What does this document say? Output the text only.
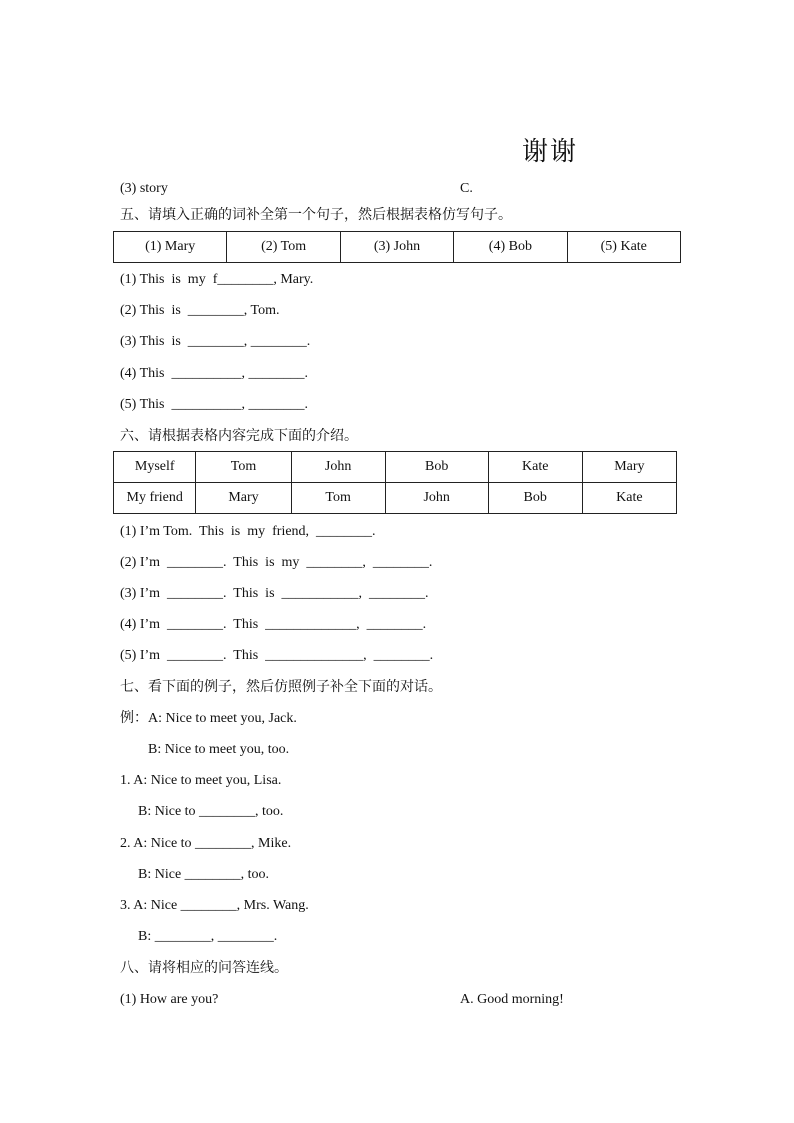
谢谢
(3) story	C.
五、请填入正确的词补全第一个句子，然后根据表格仿写句子。
(1) Mary	(2) Tom	(3) John	(4) Bob	(5) Kate
(1) This  is  my  f________, Mary.
(2) This  is  ________, Tom.
(3) This  is  ________, ________.
(4) This  __________, ________.
(5) This  __________, ________.
六、请根据表格内容完成下面的介绍。
Myself	Tom	John	Bob	Kate	Mary
My friend	Mary	Tom	John	Bob	Kate
(1) I’m Tom.  This  is  my  friend,  ________.
(2) I’m  ________.  This  is  my  ________,  ________.
(3) I’m  ________.  This  is  ___________,  ________.
(4) I’m  ________.  This  _____________,  ________.
(5) I’m  ________.  This  ______________,  ________.
七、看下面的例子，然后仿照例子补全下面的对话。
例：A: Nice to meet you, Jack.
B: Nice to meet you, too.
1. A: Nice to meet you, Lisa.
B: Nice to ________, too.
2. A: Nice to ________, Mike.
B: Nice ________, too.
3. A: Nice ________, Mrs. Wang.
B: ________, ________.
八、请将相应的问答连线。
(1) How are you?	A. Good morning!
